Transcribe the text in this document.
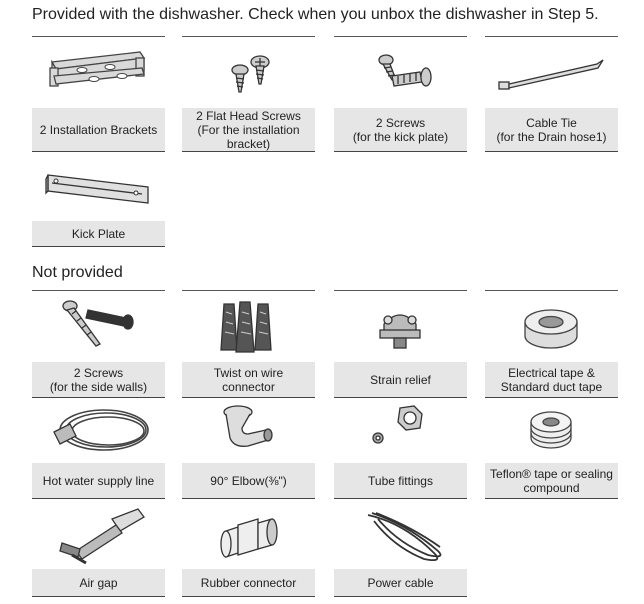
Provided with the dishwasher. Check when you unbox the dishwasher in Step 5.
2 Installation Brackets
2 Flat Head Screws
(For the installation
bracket)
2 Screws
(for the kick plate)
Cable Tie
(for the Drain hose1)
Kick Plate
Not provided
2 Screws
(for the side walls)
Twist on wire
connector	Strain relief	Electrical tape &
Standard duct tape
Hot water supply line	90° Elbow(⅜")	Tube fittings	Teflon® tape or sealing
compound
Air gap	Rubber connector	Power cable
